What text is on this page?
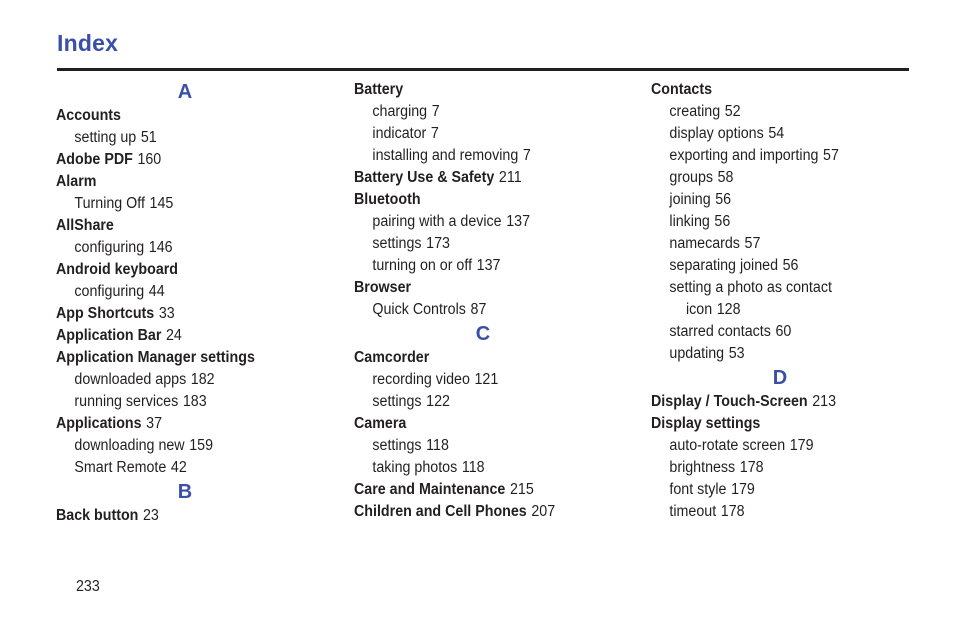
Index
A
Accounts
setting up 51
Adobe PDF 160
Alarm
Turning Off 145
AllShare
configuring 146
Android keyboard
configuring 44
App Shortcuts 33
Application Bar 24
Application Manager settings
downloaded apps 182
running services 183
Applications 37
downloading new 159
Smart Remote 42
B
Back button 23
Battery
charging 7
indicator 7
installing and removing 7
Battery Use & Safety 211
Bluetooth
pairing with a device 137
settings 173
turning on or off 137
Browser
Quick Controls 87
C
Camcorder
recording video 121
settings 122
Camera
settings 118
taking photos 118
Care and Maintenance 215
Children and Cell Phones 207
Contacts
creating 52
display options 54
exporting and importing 57
groups 58
joining 56
linking 56
namecards 57
separating joined 56
setting a photo as contact
icon 128
starred contacts 60
updating 53
D
Display / Touch-Screen 213
Display settings
auto-rotate screen 179
brightness 178
font style 179
timeout 178
233
